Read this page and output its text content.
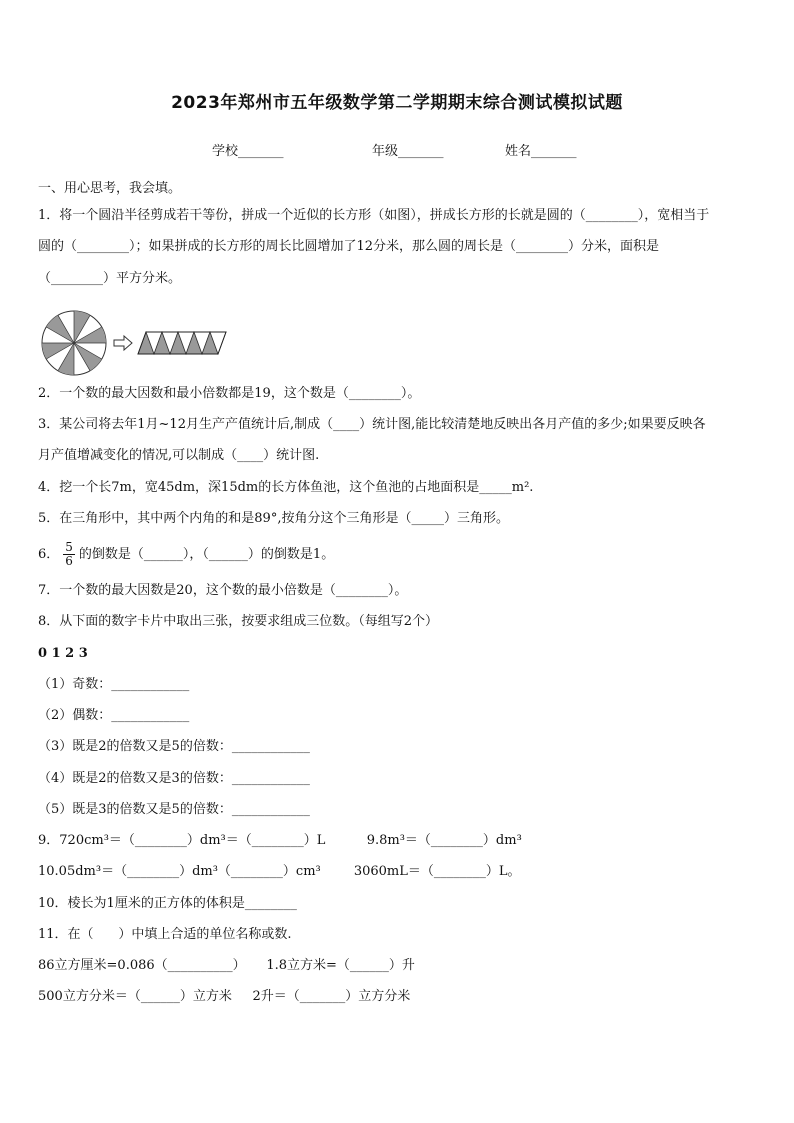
2023年郑州市五年级数学第二学期期末综合测试模拟试题
学校_______	年级_______	姓名_______
一、用心思考，我会填。
1．将一个圆沿半径剪成若干等份，拼成一个近似的长方形（如图），拼成长方形的长就是圆的（________），宽相当于
圆的（________）；如果拼成的长方形的周长比圆增加了12分米，那么圆的周长是（________）分米，面积是
（________）平方分米。
2．一个数的最大因数和最小倍数都是19，这个数是（________）。
3．某公司将去年1月~12月生产产值统计后,制成（____）统计图,能比较清楚地反映出各月产值的多少;如果要反映各
月产值增减变化的情况,可以制成（____）统计图.
4．挖一个长7m，宽45dm，深15dm的长方体鱼池，这个鱼池的占地面积是_____m².
5．在三角形中，其中两个内角的和是89°,按角分这个三角形是（_____）三角形。
6． $\frac{5}{6}$ 的倒数是（______），（______）的倒数是1。
7．一个数的最大因数是20，这个数的最小倍数是（________）。
8．从下面的数字卡片中取出三张，按要求组成三位数。（每组写2个）
0 1 2 3
（1）奇数：____________
（2）偶数：____________
（3）既是2的倍数又是5的倍数：____________
（4）既是2的倍数又是3的倍数：____________
（5）既是3的倍数又是5的倍数：____________
9．720cm³＝（________）dm³＝（________）L          9.8m³＝（________）dm³
10.05dm³＝（________）dm³（________）cm³        3060mL＝（________）L。
10．棱长为1厘米的正方体的体积是________
11．在（      ）中填上合适的单位名称或数.
86立方厘米=0.086（__________）     1.8立方米=（______）升
500立方分米＝（______）立方米     2升＝（_______）立方分米
